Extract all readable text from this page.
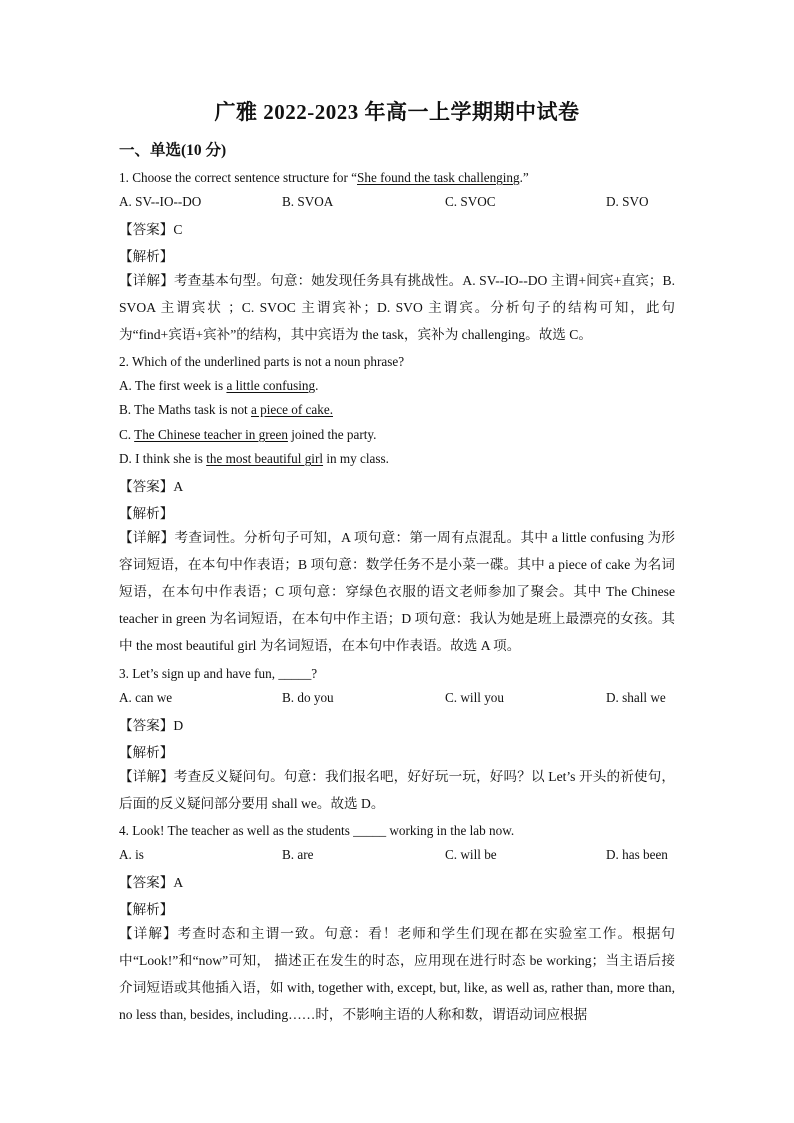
广雅 2022-2023 年高一上学期期中试卷
一、单选(10 分)
1. Choose the correct sentence structure for “She found the task challenging.”
A. SV--IO--DO	B. SVOA	C. SVOC	D. SVO
【答案】C
【解析】
【详解】考查基本句型。句意：她发现任务具有挑战性。A. SV--IO--DO 主谓+间宾+直宾；B. SVOA 主谓宾状 ；C. SVOC 主谓宾补；D. SVO 主谓宾。分析句子的结构可知，此句为“find+宾语+宾补”的结构，其中宾语为 the task，宾补为 challenging。故选 C。
2. Which of the underlined parts is not a noun phrase?
A. The first week is a little confusing.
B. The Maths task is not a piece of cake.
C. The Chinese teacher in green joined the party.
D. I think she is the most beautiful girl in my class.
【答案】A
【解析】
【详解】考查词性。分析句子可知，A 项句意：第一周有点混乱。其中 a little confusing 为形容词短语，在本句中作表语；B 项句意：数学任务不是小菜一碟。其中 a piece of cake 为名词短语，在本句中作表语；C 项句意：穿绿色衣服的语文老师参加了聚会。其中 The Chinese teacher in green 为名词短语，在本句中作主语；D 项句意：我认为她是班上最漂亮的女孩。其中 the most beautiful girl 为名词短语，在本句中作表语。故选 A 项。
3. Let’s sign up and have fun, _____?
A. can we	B. do you	C. will you	D. shall we
【答案】D
【解析】
【详解】考查反义疑问句。句意：我们报名吧，好好玩一玩，好吗？以 Let’s 开头的祈使句，后面的反义疑问部分要用 shall we。故选 D。
4. Look! The teacher as well as the students _____ working in the lab now.
A. is	B. are	C. will be	D. has been
【答案】A
【解析】
【详解】考查时态和主谓一致。句意：看！老师和学生们现在都在实验室工作。根据句中“Look!”和“now”可知， 描述正在发生的时态，应用现在进行时态 be working；当主语后接介词短语或其他插入语，如 with, together with, except, but, like, as well as, rather than, more than, no less than, besides, including……时，不影响主语的人称和数，谓语动词应根据
